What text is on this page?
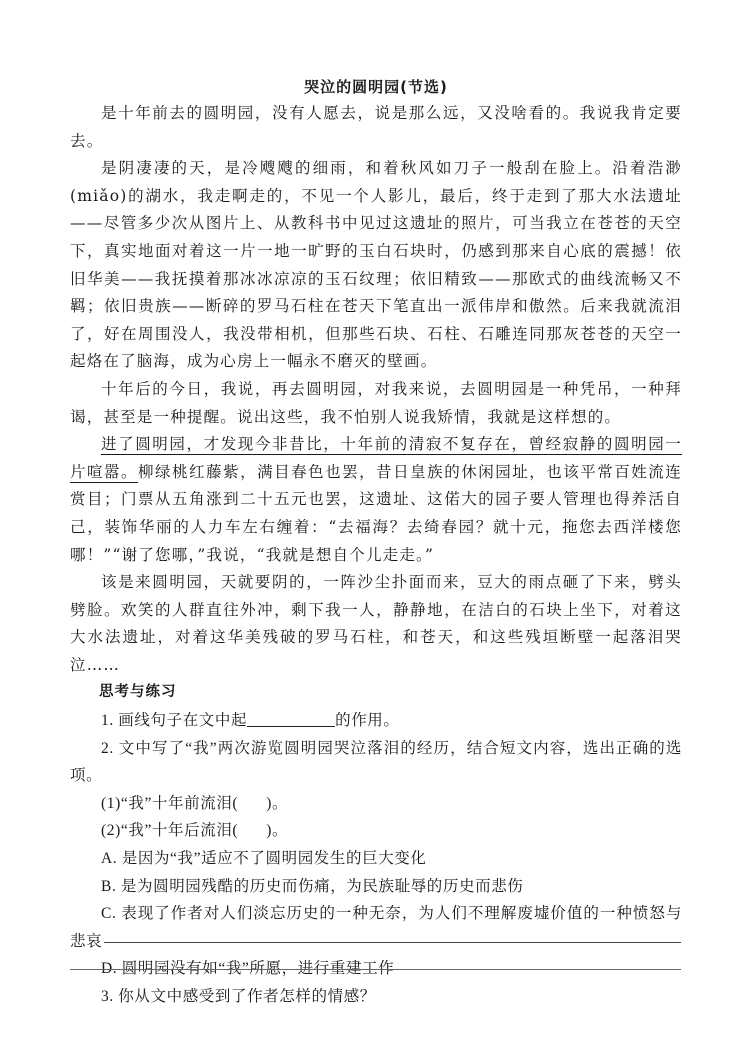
哭泣的圆明园(节选)

是十年前去的圆明园，没有人愿去，说是那么远，又没啥看的。我说我肯定要去。

是阴凄凄的天，是冷飕飕的细雨，和着秋风如刀子一般刮在脸上。沿着浩渺(miǎo)的湖水，我走啊走的，不见一个人影儿，最后，终于走到了那大水法遗址——尽管多少次从图片上、从教科书中见过这遗址的照片，可当我立在苍苍的天空下，真实地面对着这一片一地一旷野的玉白石块时，仍感到那来自心底的震撼！依旧华美——我抚摸着那冰冰凉凉的玉石纹理；依旧精致——那欧式的曲线流畅又不羁；依旧贵族——断碎的罗马石柱在苍天下笔直出一派伟岸和傲然。后来我就流泪了，好在周围没人，我没带相机，但那些石块、石柱、石雕连同那灰苍苍的天空一起烙在了脑海，成为心房上一幅永不磨灭的壁画。

十年后的今日，我说，再去圆明园，对我来说，去圆明园是一种凭吊，一种拜谒，甚至是一种提醒。说出这些，我不怕别人说我矫情，我就是这样想的。

进了圆明园，才发现今非昔比，十年前的清寂不复存在，曾经寂静的圆明园一片喧嚣。柳绿桃红藤紫，满目春色也罢，昔日皇族的休闲园址，也该平常百姓流连赏目；门票从五角涨到二十五元也罢，这遗址、这偌大的园子要人管理也得养活自己，装饰华丽的人力车左右缠着：“去福海？去绮春园？就十元，拖您去西洋楼您哪！”“谢了您哪，”我说，“我就是想自个儿走走。”

该是来圆明园，天就要阴的，一阵沙尘扑面而来，豆大的雨点砸了下来，劈头劈脸。欢笑的人群直往外冲，剩下我一人，静静地，在洁白的石块上坐下，对着这大水法遗址，对着这华美残破的罗马石柱，和苍天，和这些残垣断壁一起落泪哭泣……

思考与练习

1. 画线句子在文中起	的作用。

2. 文中写了“我”两次游览圆明园哭泣落泪的经历，结合短文内容，选出正确的选项。

(1)“我”十年前流泪( )。

(2)“我”十年后流泪( )。

A. 是因为“我”适应不了圆明园发生的巨大变化

B. 是为圆明园残酷的历史而伤痛，为民族耻辱的历史而悲伤

C. 表现了作者对人们淡忘历史的一种无奈，为人们不理解废墟价值的一种愤怒与悲哀

D. 圆明园没有如“我”所愿，进行重建工作

3. 你从文中感受到了作者怎样的情感？
